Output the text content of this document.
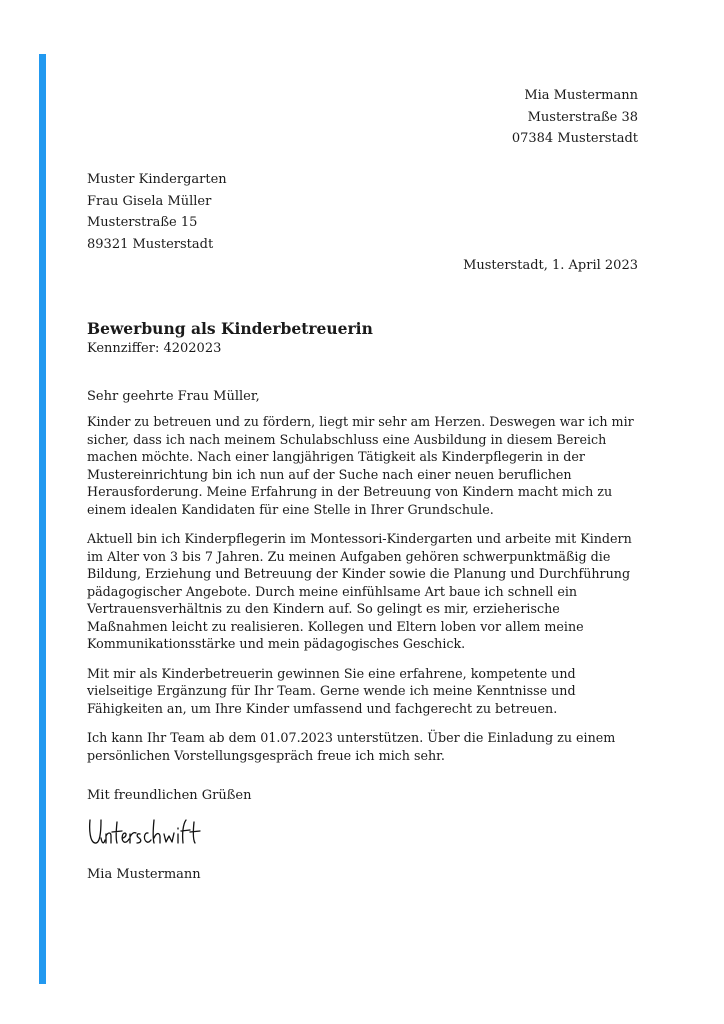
Mia Mustermann
Musterstraße 38
07384 Musterstadt
Muster Kindergarten
Frau Gisela Müller
Musterstraße 15
89321 Musterstadt
Musterstadt, 1. April 2023
Bewerbung als Kinderbetreuerin
Kennziffer: 4202023
Sehr geehrte Frau Müller,

Kinder zu betreuen und zu fördern, liegt mir sehr am Herzen. Deswegen war ich mir sicher, dass ich nach meinem Schulabschluss eine Ausbildung in diesem Bereich machen möchte. Nach einer langjährigen Tätigkeit als Kinderpflegerin in der Mustereinrichtung bin ich nun auf der Suche nach einer neuen beruflichen Herausforderung. Meine Erfahrung in der Betreuung von Kindern macht mich zu einem idealen Kandidaten für eine Stelle in Ihrer Grundschule.

Aktuell bin ich Kinderpflegerin im Montessori-Kindergarten und arbeite mit Kindern im Alter von 3 bis 7 Jahren. Zu meinen Aufgaben gehören schwerpunktmäßig die Bildung, Erziehung und Betreuung der Kinder sowie die Planung und Durchführung pädagogischer Angebote. Durch meine einfühlsame Art baue ich schnell ein Vertrauensverhältnis zu den Kindern auf. So gelingt es mir, erzieherische Maßnahmen leicht zu realisieren. Kollegen und Eltern loben vor allem meine Kommunikationsstärke und mein pädagogisches Geschick.

Mit mir als Kinderbetreuerin gewinnen Sie eine erfahrene, kompetente und vielseitige Ergänzung für Ihr Team. Gerne wende ich meine Kenntnisse und Fähigkeiten an, um Ihre Kinder umfassend und fachgerecht zu betreuen.

Ich kann Ihr Team ab dem 01.07.2023 unterstützen. Über die Einladung zu einem persönlichen Vorstellungsgespräch freue ich mich sehr.

Mit freundlichen Grüßen
Mia Mustermann
